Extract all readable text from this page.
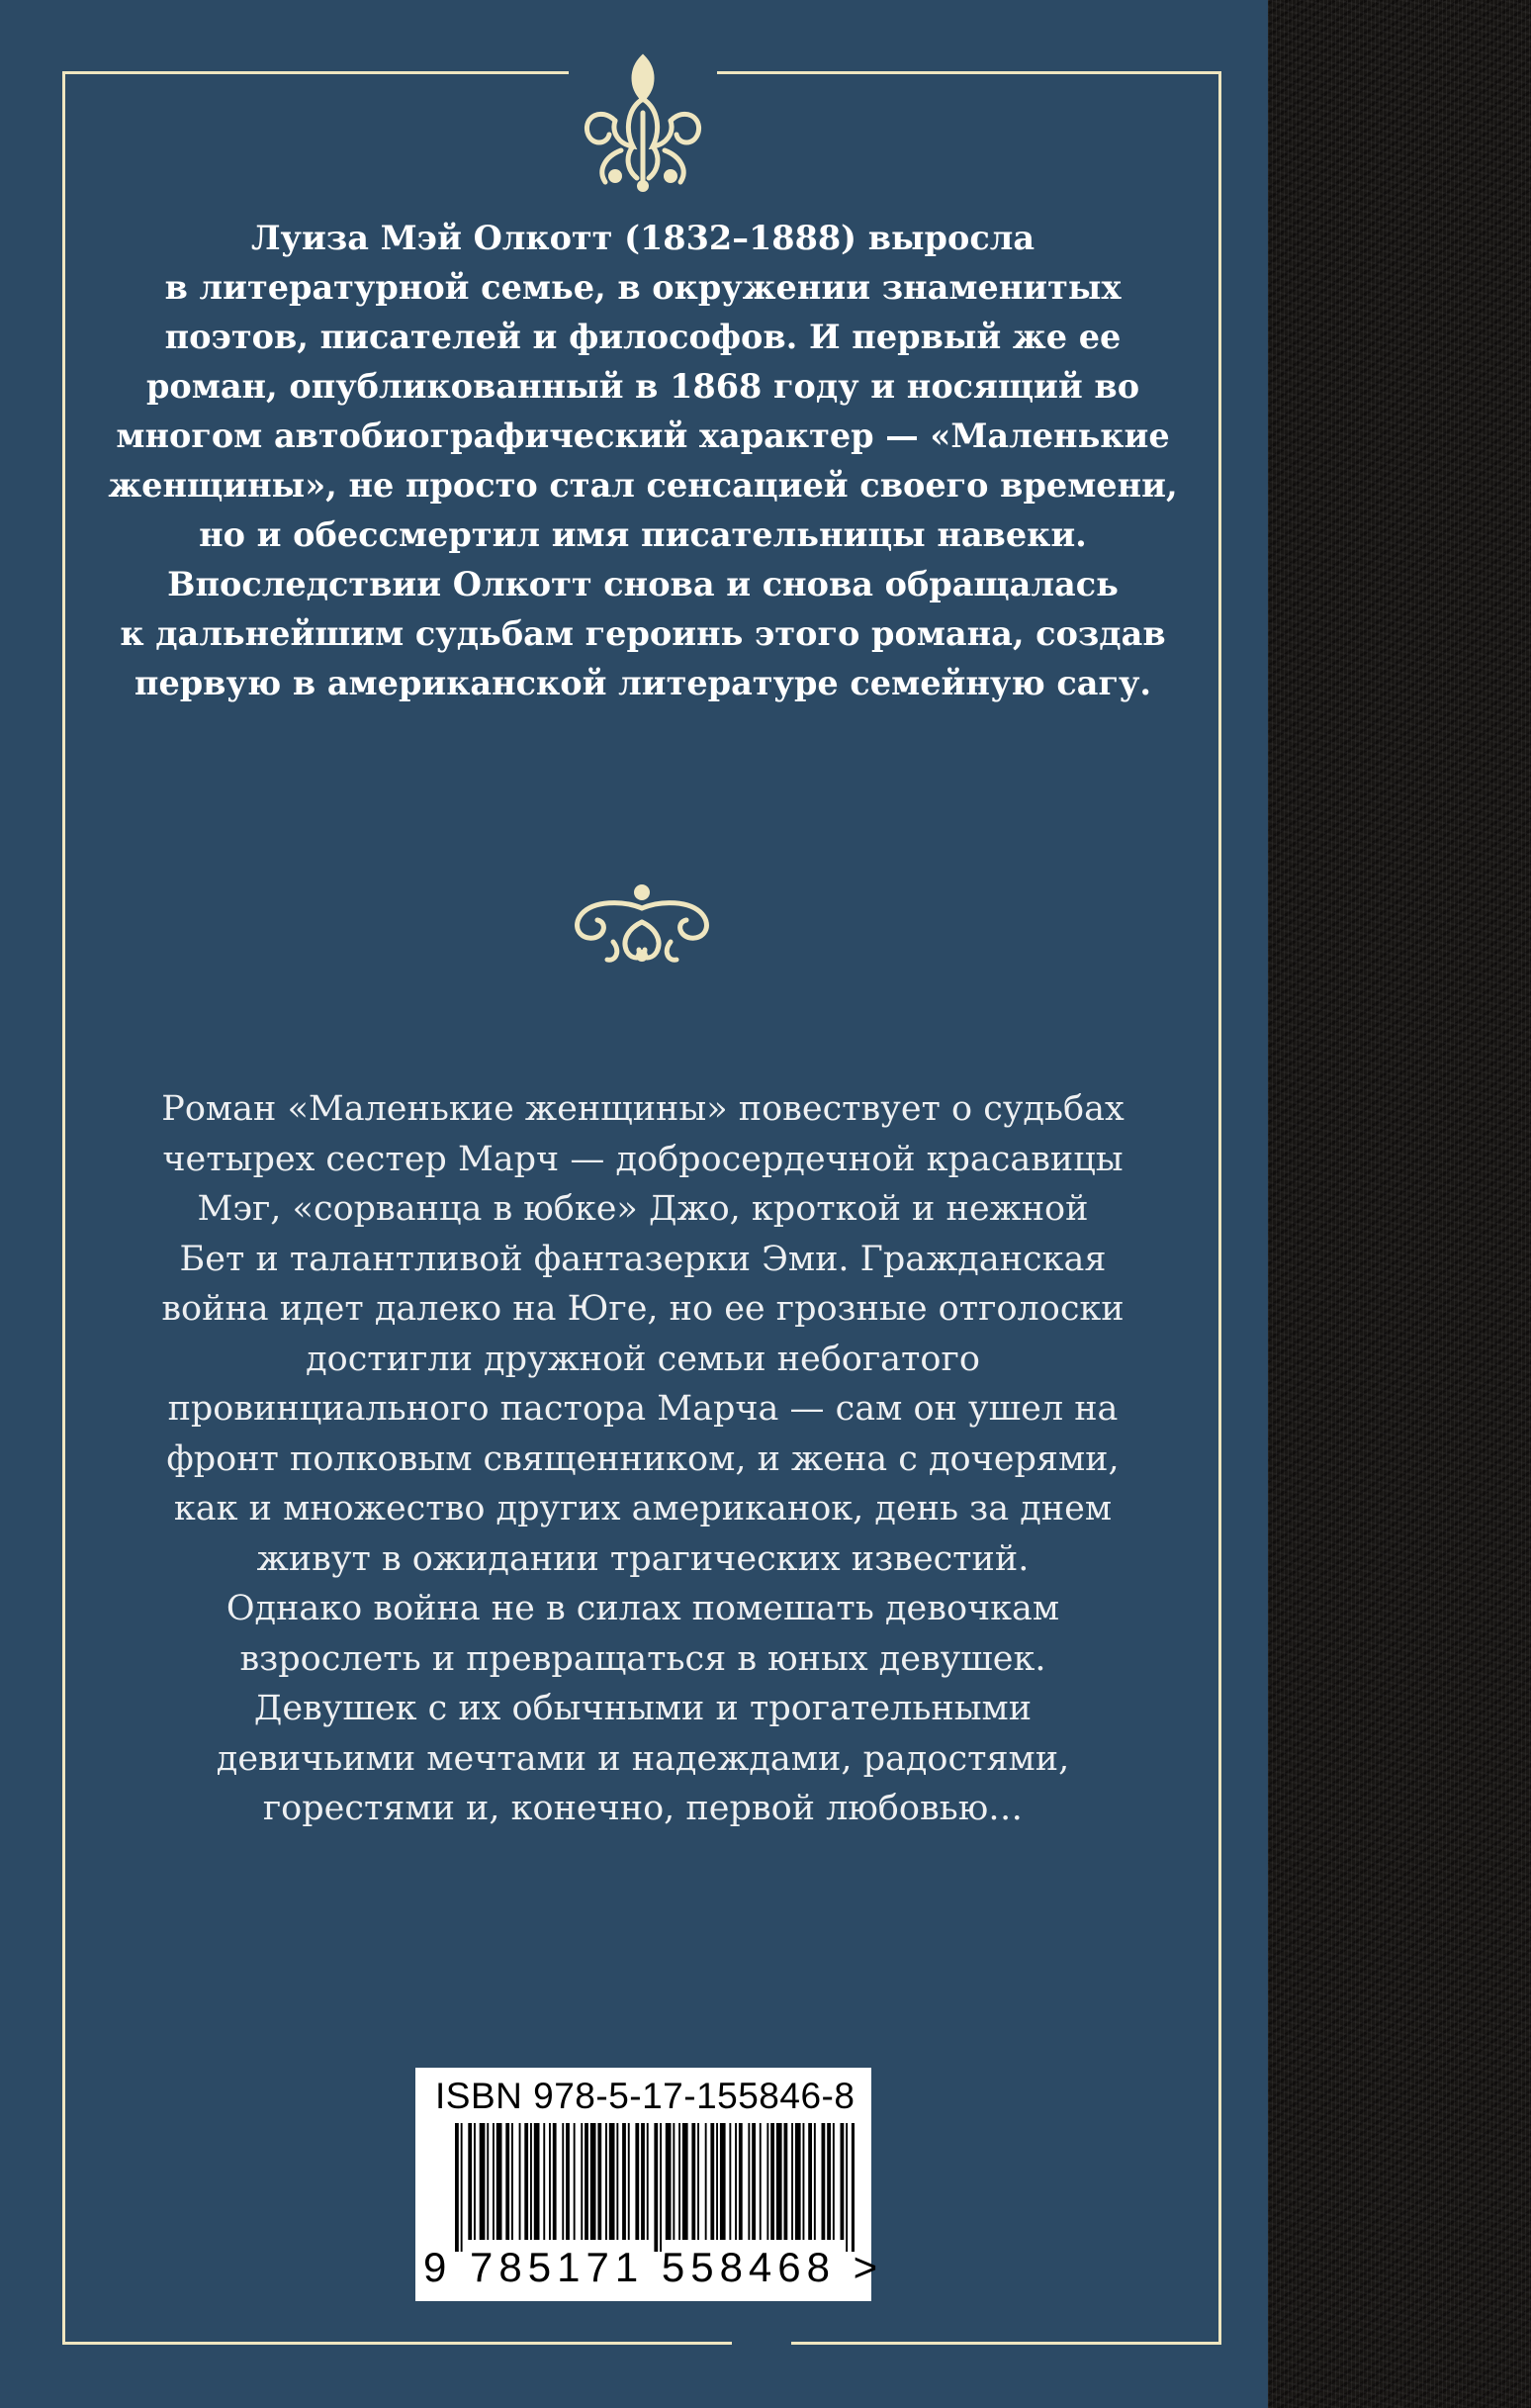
Луиза Мэй Олкотт (1832–1888) выросла
в литературной семье, в окружении знаменитых
поэтов, писателей и философов. И первый же ее
роман, опубликованный в 1868 году и носящий во
многом автобиографический характер — «Маленькие
женщины», не просто стал сенсацией своего времени,
но и обессмертил имя писательницы навеки.
Впоследствии Олкотт снова и снова обращалась
к дальнейшим судьбам героинь этого романа, создав
первую в американской литературе семейную сагу.

Роман «Маленькие женщины» повествует о судьбах
четырех сестер Марч — добросердечной красавицы
Мэг, «сорванца в юбке» Джо, кроткой и нежной
Бет и талантливой фантазерки Эми. Гражданская
война идет далеко на Юге, но ее грозные отголоски
достигли дружной семьи небогатого
провинциального пастора Марча — сам он ушел на
фронт полковым священником, и жена с дочерями,
как и множество других американок, день за днем
живут в ожидании трагических известий.
Однако война не в силах помешать девочкам
взрослеть и превращаться в юных девушек.
Девушек с их обычными и трогательными
девичьими мечтами и надеждами, радостями,
горестями и, конечно, первой любовью…

ISBN 978-5-17-155846-8

9 785171 558468 >
